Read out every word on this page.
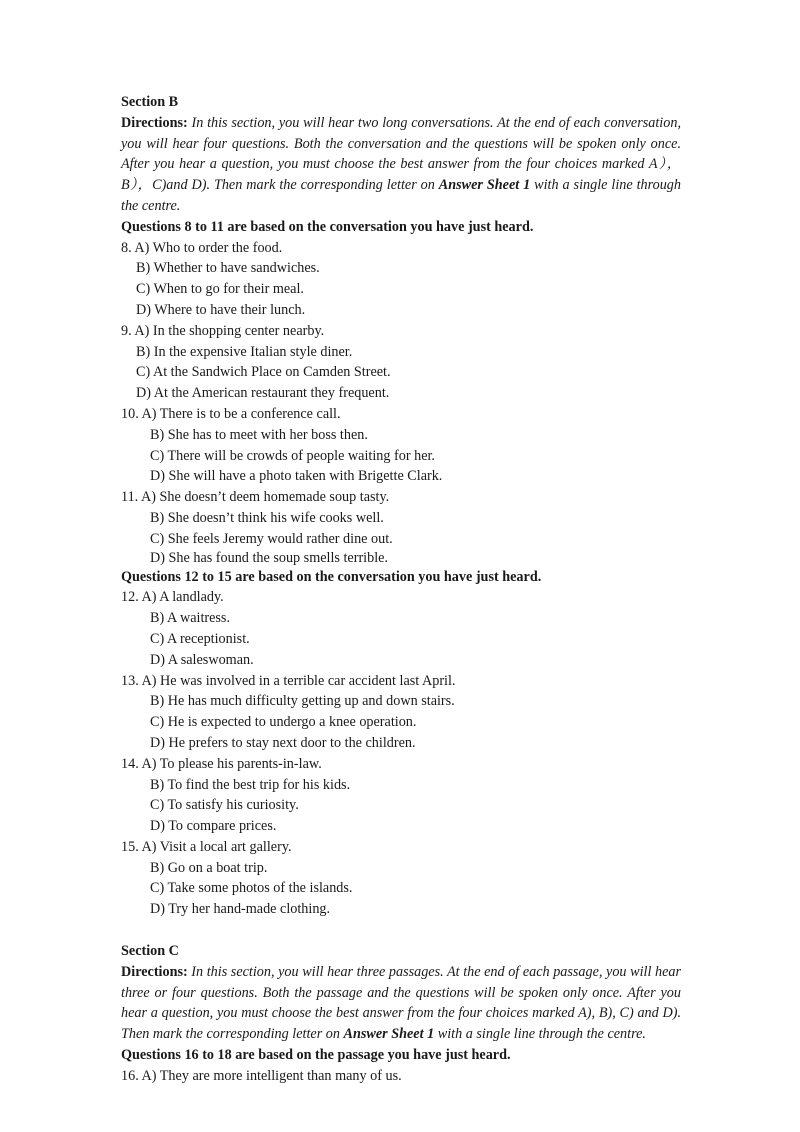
Section B

Directions: In this section, you will hear two long conversations. At the end of each conversation, you will hear four questions. Both the conversation and the questions will be spoken only once. After you hear a question, you must choose the best answer from the four choices marked A），B），C)and D). Then mark the corresponding letter on Answer Sheet 1 with a single line through the centre.

Questions 8 to 11 are based on the conversation you have just heard.

8. A) Who to order the food.

B) Whether to have sandwiches.

C) When to go for their meal.

D) Where to have their lunch.

9. A) In the shopping center nearby.

B) In the expensive Italian style diner.

C) At the Sandwich Place on Camden Street.

D) At the American restaurant they frequent.

10. A) There is to be a conference call.

B) She has to meet with her boss then.

C) There will be crowds of people waiting for her.

D) She will have a photo taken with Brigette Clark.

11. A) She doesn’t deem homemade soup tasty.

B) She doesn’t think his wife cooks well.

C) She feels Jeremy would rather dine out.

D) She has found the soup smells terrible.

Questions 12 to 15 are based on the conversation you have just heard.

12. A) A landlady.

B) A waitress.

C) A receptionist.

D) A saleswoman.

13. A) He was involved in a terrible car accident last April.

B) He has much difficulty getting up and down stairs.

C) He is expected to undergo a knee operation.

D) He prefers to stay next door to the children.

14. A) To please his parents-in-law.

B) To find the best trip for his kids.

C) To satisfy his curiosity.

D) To compare prices.

15. A) Visit a local art gallery.

B) Go on a boat trip.

C) Take some photos of the islands.

D) Try her hand-made clothing.

Section C

Directions: In this section, you will hear three passages. At the end of each passage, you will hear three or four questions. Both the passage and the questions will be spoken only once. After you hear a question, you must choose the best answer from the four choices marked A), B), C) and D). Then mark the corresponding letter on Answer Sheet 1 with a single line through the centre.

Questions 16 to 18 are based on the passage you have just heard.

16. A) They are more intelligent than many of us.
